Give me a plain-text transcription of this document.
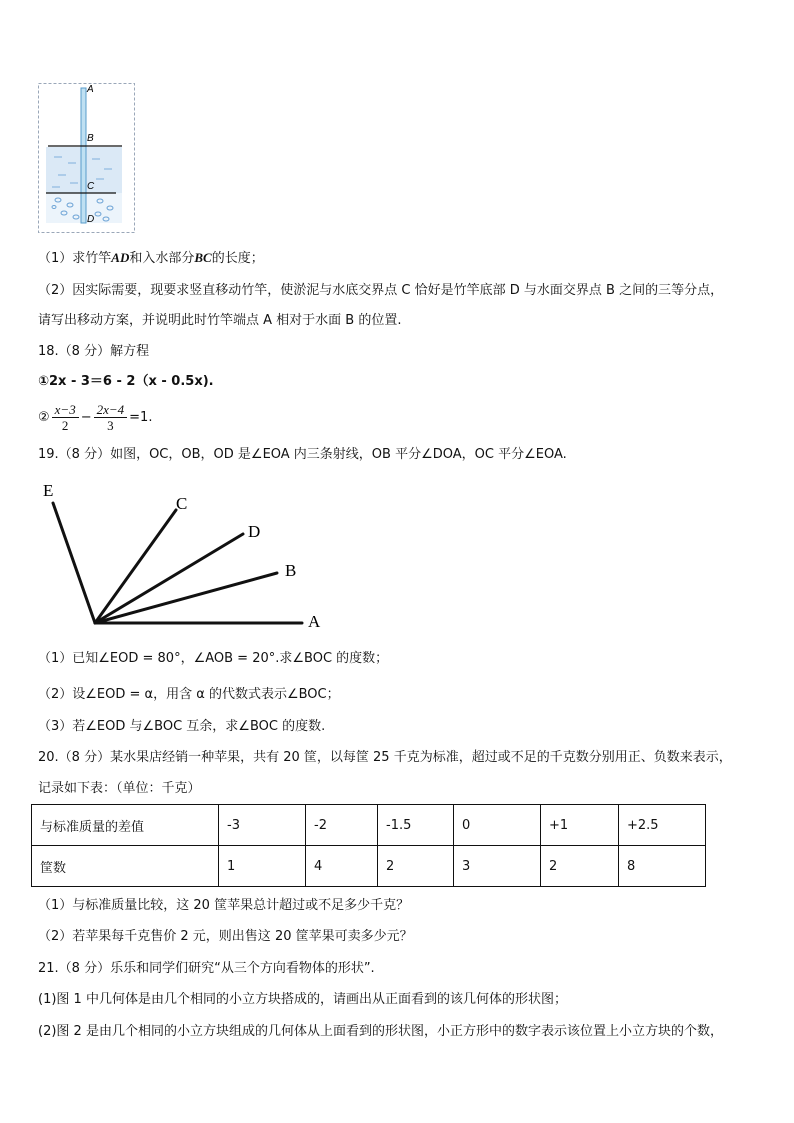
A
B
C
D
（1）求竹竿AD和入水部分BC的长度；
（2）因实际需要，现要求竖直移动竹竿，使淤泥与水底交界点 C 恰好是竹竿底部 D 与水面交界点 B 之间的三等分点，
请写出移动方案，并说明此时竹竿端点 A 相对于水面 B 的位置.
18.（8 分）解方程
①2x - 3＝6 - 2（x - 0.5x).
② $\frac{x-3}{2} - \frac{2x-4}{3} =1$.
19.（8 分）如图，OC，OB，OD 是∠EOA 内三条射线，OB 平分∠DOA，OC 平分∠EOA.
E
C
D
B
A
（1）已知∠EOD = 80°，∠AOB = 20°.求∠BOC 的度数；
（2）设∠EOD = α，用含 α 的代数式表示∠BOC；
（3）若∠EOD 与∠BOC 互余，求∠BOC 的度数.
20.（8 分）某水果店经销一种苹果，共有 20 筐，以每筐 25 千克为标准，超过或不足的千克数分别用正、负数来表示，
记录如下表：（单位：千克）
与标准质量的差值	-3	-2	-1.5	0	+1	+2.5
筐数	1	4	2	3	2	8
（1）与标准质量比较，这 20 筐苹果总计超过或不足多少千克？
（2）若苹果每千克售价 2 元，则出售这 20 筐苹果可卖多少元？
21.（8 分）乐乐和同学们研究“从三个方向看物体的形状”.
(1)图 1 中几何体是由几个相同的小立方块搭成的，请画出从正面看到的该几何体的形状图；
(2)图 2 是由几个相同的小立方块组成的几何体从上面看到的形状图，小正方形中的数字表示该位置上小立方块的个数，
